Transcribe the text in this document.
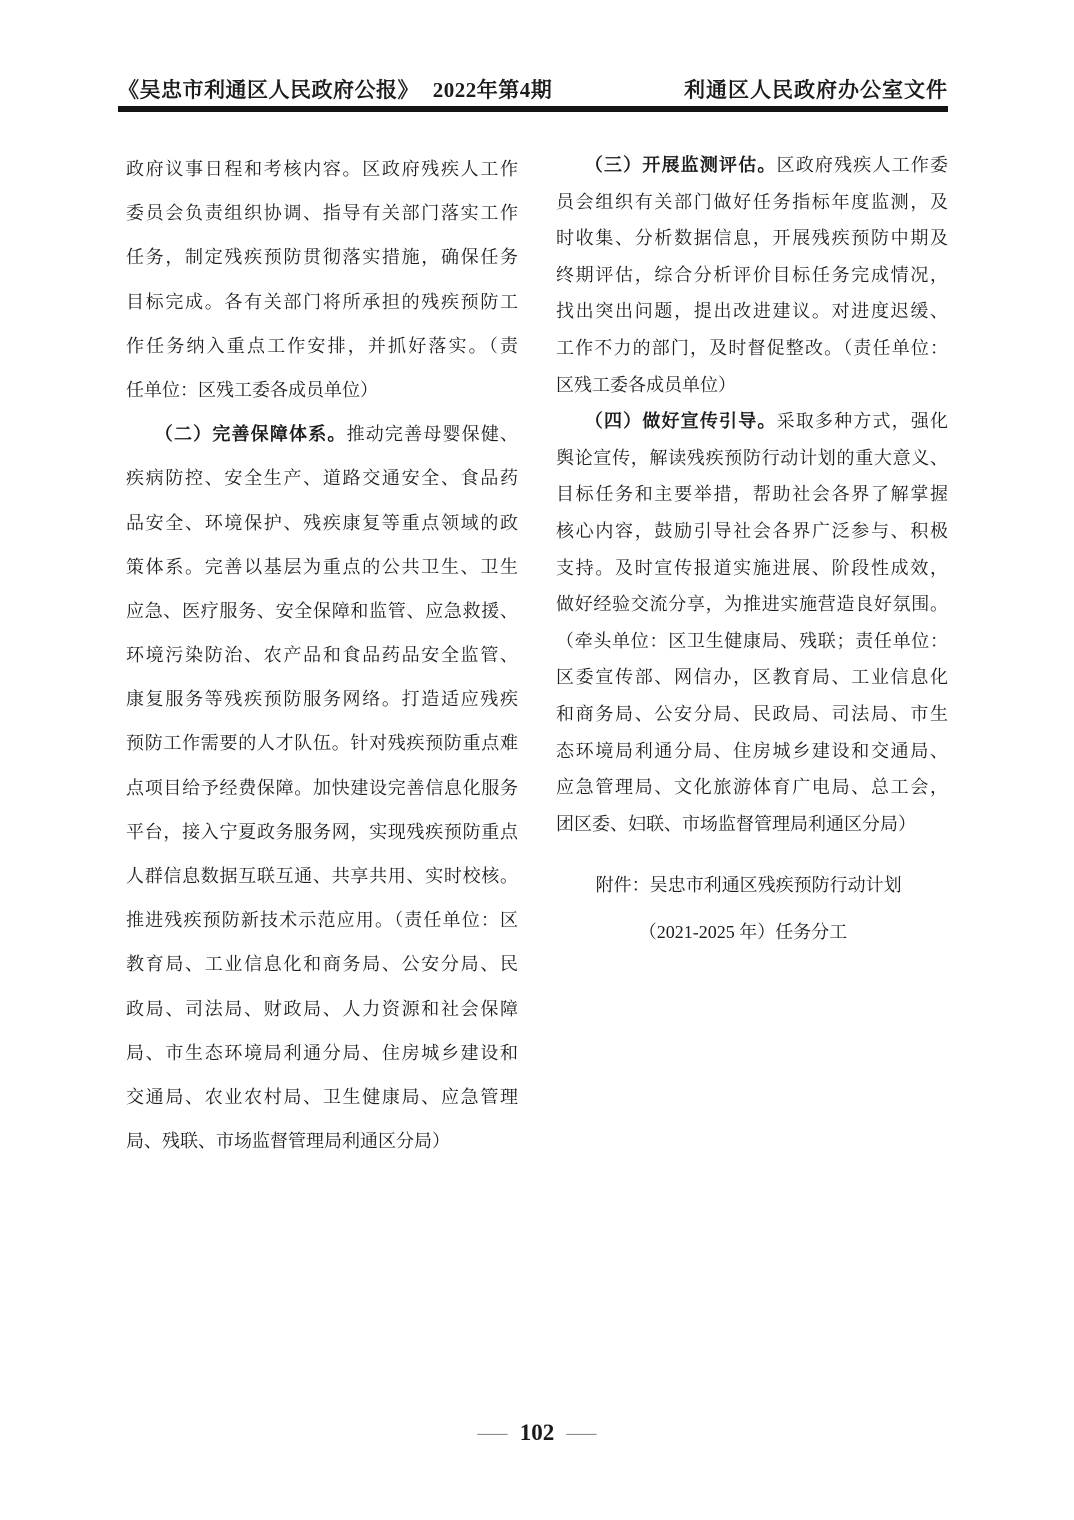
《吴忠市利通区人民政府公报》 2022年第4期	利通区人民政府办公室文件
政府议事日程和考核内容。区政府残疾人工作
委员会负责组织协调、指导有关部门落实工作
任务，制定残疾预防贯彻落实措施，确保任务
目标完成。各有关部门将所承担的残疾预防工
作任务纳入重点工作安排，并抓好落实。（责
任单位：区残工委各成员单位）
（二）完善保障体系。推动完善母婴保健、
疾病防控、安全生产、道路交通安全、食品药
品安全、环境保护、残疾康复等重点领域的政
策体系。完善以基层为重点的公共卫生、卫生
应急、医疗服务、安全保障和监管、应急救援、
环境污染防治、农产品和食品药品安全监管、
康复服务等残疾预防服务网络。打造适应残疾
预防工作需要的人才队伍。针对残疾预防重点难
点项目给予经费保障。加快建设完善信息化服务
平台，接入宁夏政务服务网，实现残疾预防重点
人群信息数据互联互通、共享共用、实时校核。
推进残疾预防新技术示范应用。（责任单位：区
教育局、工业信息化和商务局、公安分局、民
政局、司法局、财政局、人力资源和社会保障
局、市生态环境局利通分局、住房城乡建设和
交通局、农业农村局、卫生健康局、应急管理
局、残联、市场监督管理局利通区分局）
（三）开展监测评估。区政府残疾人工作委
员会组织有关部门做好任务指标年度监测，及
时收集、分析数据信息，开展残疾预防中期及
终期评估，综合分析评价目标任务完成情况，
找出突出问题，提出改进建议。对进度迟缓、
工作不力的部门，及时督促整改。（责任单位：
区残工委各成员单位）
（四）做好宣传引导。采取多种方式，强化
舆论宣传，解读残疾预防行动计划的重大意义、
目标任务和主要举措，帮助社会各界了解掌握
核心内容，鼓励引导社会各界广泛参与、积极
支持。及时宣传报道实施进展、阶段性成效，
做好经验交流分享，为推进实施营造良好氛围。
（牵头单位：区卫生健康局、残联；责任单位：
区委宣传部、网信办，区教育局、工业信息化
和商务局、公安分局、民政局、司法局、市生
态环境局利通分局、住房城乡建设和交通局、
应急管理局、文化旅游体育广电局、总工会，
团区委、妇联、市场监督管理局利通区分局）
附件：吴忠市利通区残疾预防行动计划
（2021-2025 年）任务分工
— 102 —
